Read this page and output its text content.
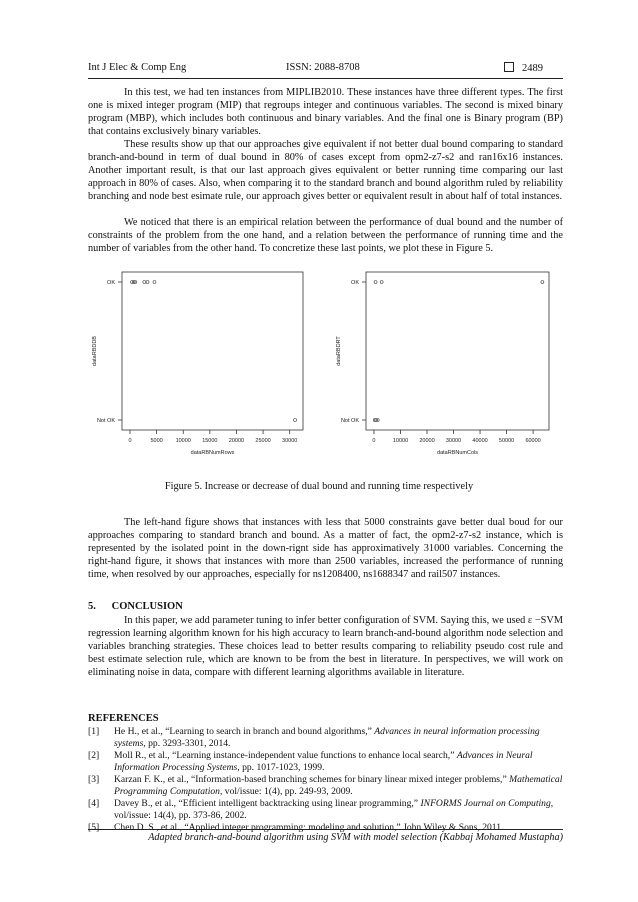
Int J Elec & Comp Eng	ISSN: 2088-8708	2489

In this test, we had ten instances from MIPLIB2010. These instances have three different types. The first one is mixed integer program (MIP) that regroups integer and continuous variables. The second is mixed binary program (MBP), which includes both continuous and binary variables. And the final one is Binary program (BP) that contains exclusively binary variables.

These results show up that our approaches give equivalent if not better dual bound comparing to standard branch-and-bound in term of dual bound in 80% of cases except from opm2-z7-s2 and ran16x16 instances. Another important result, is that our last approach gives equivalent or better running time comparing our last approach in 80% of cases. Also, when comparing it to the standard branch and bound algorithm ruled by reliability branching and node best esimate rule, our approach gives better or equivalent result in about half of total instances.

We noticed that there is an empirical relation between the performance of dual bound and the number of constraints of the problem from the one hand, and a relation between the performance of running time and the number of variables from the other hand. To concretize these last points, we plot these in Figure 5.

Not OK
OK
0	5000 10000 15000 20000 25000 30000
dataRBNumRows
dataRBDDB
Not OK
OK
0	10000 20000 30000 40000 50000 60000
dataRBNumCols
dataRBDRT
Figure 5. Increase or decrease of dual bound and running time respectively

The left-hand figure shows that instances with less that 5000 constraints gave better dual boud for our approaches comparing to standard branch and bound. As a matter of fact, the opm2-z7-s2 instance, which is represented by the isolated point in the down-rignt side has approximatively 31000 variables. Concerning the right-hand figure, it shows that instances with more than 2500 variables, increased the performance of running time, when resolved by our approaches, especially for ns1208400, ns1688347 and rail507 instances.

5.      CONCLUSION

In this paper, we add parameter tuning to infer better configuration of SVM. Saying this, we used ε −SVM regression learning algorithm known for his high accuracy to learn branch-and-bound algorithm node selection and variables branching strategies. These choices lead to better results comparing to reliability pseudo cost rule and best estimate selection rule, which are known to be from the best in literature. In perspectives, we will work on eliminating noise in data, compare with different learning algorithms available in literature.

REFERENCES

[1] He H., et al., “Learning to search in branch and bound algorithms,” Advances in neural information processing systems, pp. 3293-3301, 2014.

[2] Moll R., et al., “Learning instance-independent value functions to enhance local search,” Advances in Neural Information Processing Systems, pp. 1017-1023, 1999.

[3] Karzan F. K., et al., “Information-based branching schemes for binary linear mixed integer problems,” Mathematical Programming Computation, vol/issue: 1(4), pp. 249-93, 2009.

[4] Davey B., et al., “Efficient intelligent backtracking using linear programming,” INFORMS Journal on Computing, vol/issue: 14(4), pp. 373-86, 2002.

[5] Chen D. S., et al., “Applied integer programming: modeling and solution,” John Wiley & Sons, 2011.

Adapted branch-and-bound algorithm using SVM with model selection (Kabbaj Mohamed Mustapha)
